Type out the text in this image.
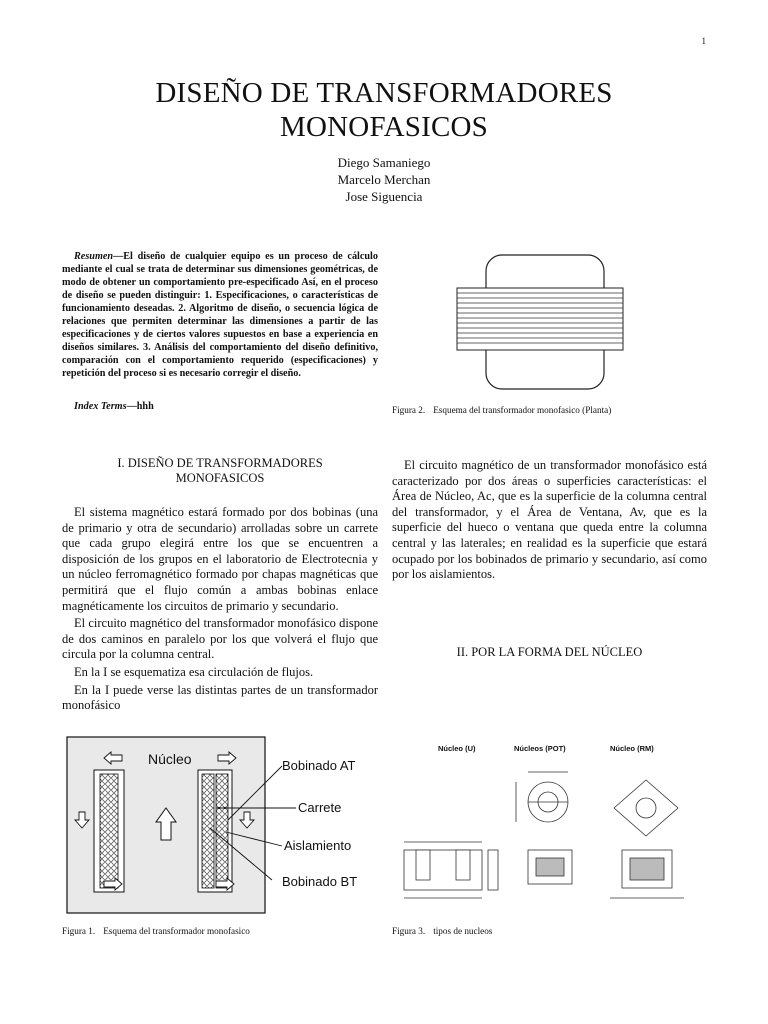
1
DISEÑO DE TRANSFORMADORES
MONOFASICOS
Diego Samaniego
Marcelo Merchan
Jose Siguencia
Resumen—El diseño de cualquier equipo es un proceso de cálculo mediante el cual se trata de determinar sus dimensiones geométricas, de modo de obtener un comportamiento pre-especificado Así, en el proceso de diseño se pueden distinguir: 1. Especificaciones, o características de funcionamiento deseadas. 2. Algoritmo de diseño, o secuencia lógica de relaciones que permiten determinar las dimensiones a partir de las especificaciones y de ciertos valores supuestos en base a experiencia en diseños similares. 3. Análisis del comportamiento del diseño definitivo, comparación con el comportamiento requerido (especificaciones) y repetición del proceso si es necesario corregir el diseño.
Index Terms—hhh
I. DISEÑO DE TRANSFORMADORES
MONOFASICOS

El sistema magnético estará formado por dos bobinas (una de primario y otra de secundario) arrolladas sobre un carrete que cada grupo elegirá entre los que se encuentren a disposición de los grupos en el laboratorio de Electrotecnia y un núcleo ferromagnético formado por chapas magnéticas que permitirá que el flujo común a ambas bobinas enlace magnéticamente los circuitos de primario y secundario.

El circuito magnético del transformador monofásico dispone de dos caminos en paralelo por los que volverá el flujo que circula por la columna central.

En la I se esquematiza esa circulación de flujos.

En la I puede verse las distintas partes de un transformador monofásico

El circuito magnético de un transformador monofásico está caracterizado por dos áreas o superficies características: el Área de Núcleo, Ac, que es la superficie de la columna central del transformador, y el Área de Ventana, Av, que es la superficie del hueco o ventana que queda entre la columna central y las laterales; en realidad es la superficie que estará ocupado por los bobinados de primario y secundario, así como por los aislamientos.

II. POR LA FORMA DEL NÚCLEO
Figura 2. Esquema del transformador monofasico (Planta)
Núcleo	Bobinado AT
Carrete
Aislamiento
Bobinado BT
Figura 1. Esquema del transformador monofasico
Núcleo (U)	Núcleos (POT)	Núcleo (RM)
Figura 3. tipos de nucleos
